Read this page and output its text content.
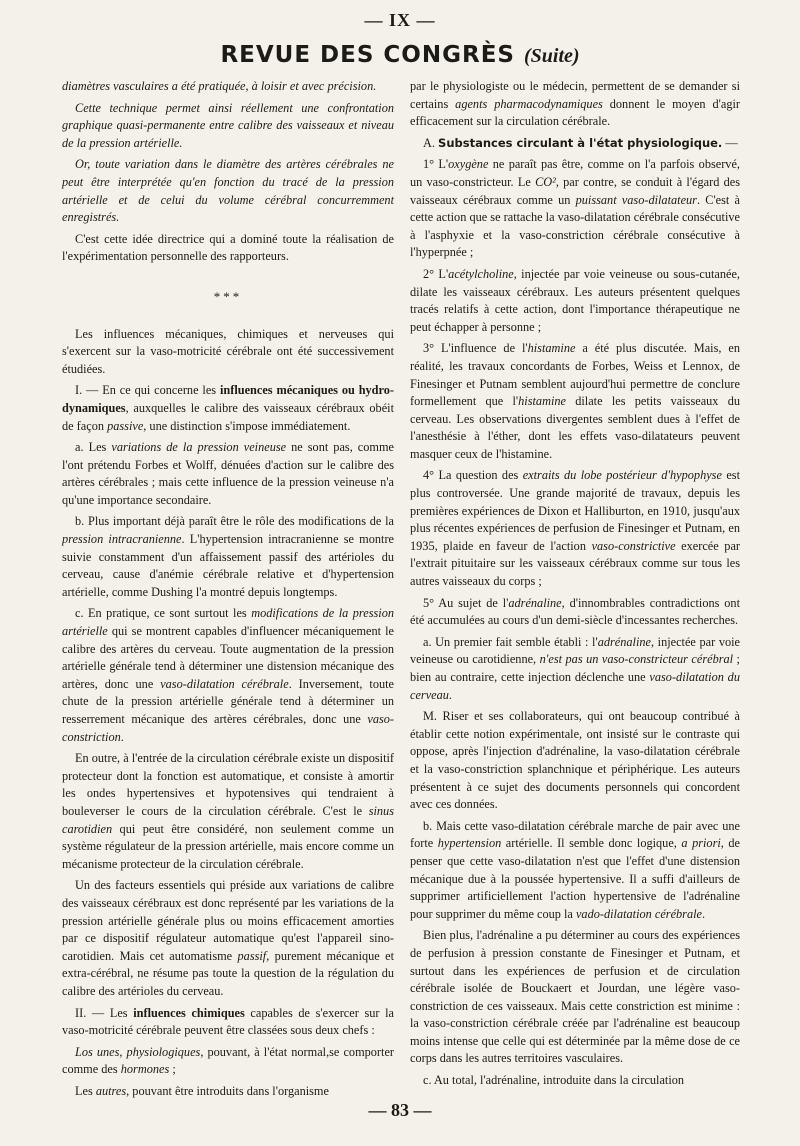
— IX —
REVUE DES CONGRÈS (Suite)

diamètres vasculaires a été pratiquée, à loisir et avec précision.

Cette technique permet ainsi réellement une confrontation graphique quasi-permanente entre calibre des vaisseaux et niveau de la pression artérielle.

Or, toute variation dans le diamètre des artères cérébrales ne peut être interprétée qu'en fonction du tracé de la pression artérielle et de celui du volume cérébral concurremment enregistrés.

C'est cette idée directrice qui a dominé toute la réalisation de l'expérimentation personnelle des rapporteurs.

***

Les influences mécaniques, chimiques et nerveuses qui s'exercent sur la vaso-motricité cérébrale ont été successivement étudiées.

I. — En ce qui concerne les influences mécaniques ou hydro-dynamiques, auxquelles le calibre des vaisseaux cérébraux obéit de façon passive, une distinction s'impose immédiatement.

a. Les variations de la pression veineuse ne sont pas, comme l'ont prétendu Forbes et Wolff, dénuées d'action sur le calibre des artères cérébrales ; mais cette influence de la pression veineuse n'a qu'une importance secondaire.

b. Plus important déjà paraît être le rôle des modifications de la pression intracranienne. L'hypertension intracranienne se montre suivie constamment d'un affaissement passif des artérioles du cerveau, cause d'anémie cérébrale relative et d'hypertension artérielle, comme Dushing l'a montré depuis longtemps.

c. En pratique, ce sont surtout les modifications de la pression artérielle qui se montrent capables d'influencer mécaniquement le calibre des artères du cerveau. Toute augmentation de la pression artérielle générale tend à déterminer une distension mécanique des artères, donc une vaso-dilatation cérébrale. Inversement, toute chute de la pression artérielle générale tend à déterminer un resserrement mécanique des artères cérébrales, donc une vaso-constriction.

En outre, à l'entrée de la circulation cérébrale existe un dispositif protecteur dont la fonction est automatique, et consiste à amortir les ondes hypertensives et hypotensives qui tendraient à bouleverser le cours de la circulation cérébrale. C'est le sinus carotidien qui peut être considéré, non seulement comme un système régulateur de la pression artérielle, mais encore comme un mécanisme protecteur de la circulation cérébrale.

Un des facteurs essentiels qui préside aux variations de calibre des vaisseaux cérébraux est donc représenté par les variations de la pression artérielle générale plus ou moins efficacement amorties par ce dispositif régulateur automatique qu'est l'appareil sino-carotidien. Mais cet automatisme passif, purement mécanique et extra-cérébral, ne résume pas toute la question de la régulation du calibre des artérioles du cerveau.

II. — Les influences chimiques capables de s'exercer sur la vaso-motricité cérébrale peuvent être classées sous deux chefs :

Los unes, physiologiques, pouvant, à l'état normal,se comporter comme des hormones ;

Les autres, pouvant être introduits dans l'organisme

par le physiologiste ou le médecin, permettent de se demander si certains agents pharmacodynamiques donnent le moyen d'agir efficacement sur la circulation cérébrale.

A. Substances circulant à l'état physiologique. —

1° L'oxygène ne paraît pas être, comme on l'a parfois observé, un vaso-constricteur. Le CO², par contre, se conduit à l'égard des vaisseaux cérébraux comme un puissant vaso-dilatateur. C'est à cette action que se rattache la vaso-dilatation cérébrale consécutive à l'asphyxie et la vaso-constriction cérébrale consécutive à l'hyperpnée ;

2° L'acétylcholine, injectée par voie veineuse ou sous-cutanée, dilate les vaisseaux cérébraux. Les auteurs présentent quelques tracés relatifs à cette action, dont l'importance thérapeutique ne peut échapper à personne ;

3° L'influence de l'histamine a été plus discutée. Mais, en réalité, les travaux concordants de Forbes, Weiss et Lennox, de Finesinger et Putnam semblent aujourd'hui permettre de conclure formellement que l'histamine dilate les petits vaisseaux du cerveau. Les observations divergentes semblent dues à l'effet de l'anesthésie à l'éther, dont les effets vaso-dilatateurs peuvent masquer ceux de l'histamine.

4° La question des extraits du lobe postérieur d'hypophyse est plus controversée. Une grande majorité de travaux, depuis les premières expériences de Dixon et Halliburton, en 1910, jusqu'aux plus récentes expériences de perfusion de Finesinger et Putnam, en 1935, plaide en faveur de l'action vaso-constrictive exercée par l'extrait pituitaire sur les vaisseaux cérébraux comme sur tous les autres vaisseaux du corps ;

5° Au sujet de l'adrénaline, d'innombrables contradictions ont été accumulées au cours d'un demi-siècle d'incessantes recherches.

a. Un premier fait semble établi : l'adrénaline, injectée par voie veineuse ou carotidienne, n'est pas un vaso-constricteur cérébral ; bien au contraire, cette injection déclenche une vaso-dilatation du cerveau.

M. Riser et ses collaborateurs, qui ont beaucoup contribué à établir cette notion expérimentale, ont insisté sur le contraste qui oppose, après l'injection d'adrénaline, la vaso-dilatation cérébrale et la vaso-constriction splanchnique et périphérique. Les auteurs présentent à ce sujet des documents personnels qui concordent avec ces données.

b. Mais cette vaso-dilatation cérébrale marche de pair avec une forte hypertension artérielle. Il semble donc logique, a priori, de penser que cette vaso-dilatation n'est que l'effet d'une distension mécanique due à la poussée hypertensive. Il a suffi d'ailleurs de supprimer artificiellement l'action hypertensive de l'adrénaline pour supprimer du même coup la vado-dilatation cérébrale.

Bien plus, l'adrénaline a pu déterminer au cours des expériences de perfusion à pression constante de Finesinger et Putnam, et surtout dans les expériences de perfusion et de circulation cérébrale isolée de Bouckaert et Jourdan, une légère vaso-constriction de ces vaisseaux. Mais cette constriction est minime : la vaso-constriction cérébrale créée par l'adrénaline est beaucoup moins intense que celle qui est déterminée par la même dose de ce corps dans les autres territoires vasculaires.

c. Au total, l'adrénaline, introduite dans la circulation

— 83 —
